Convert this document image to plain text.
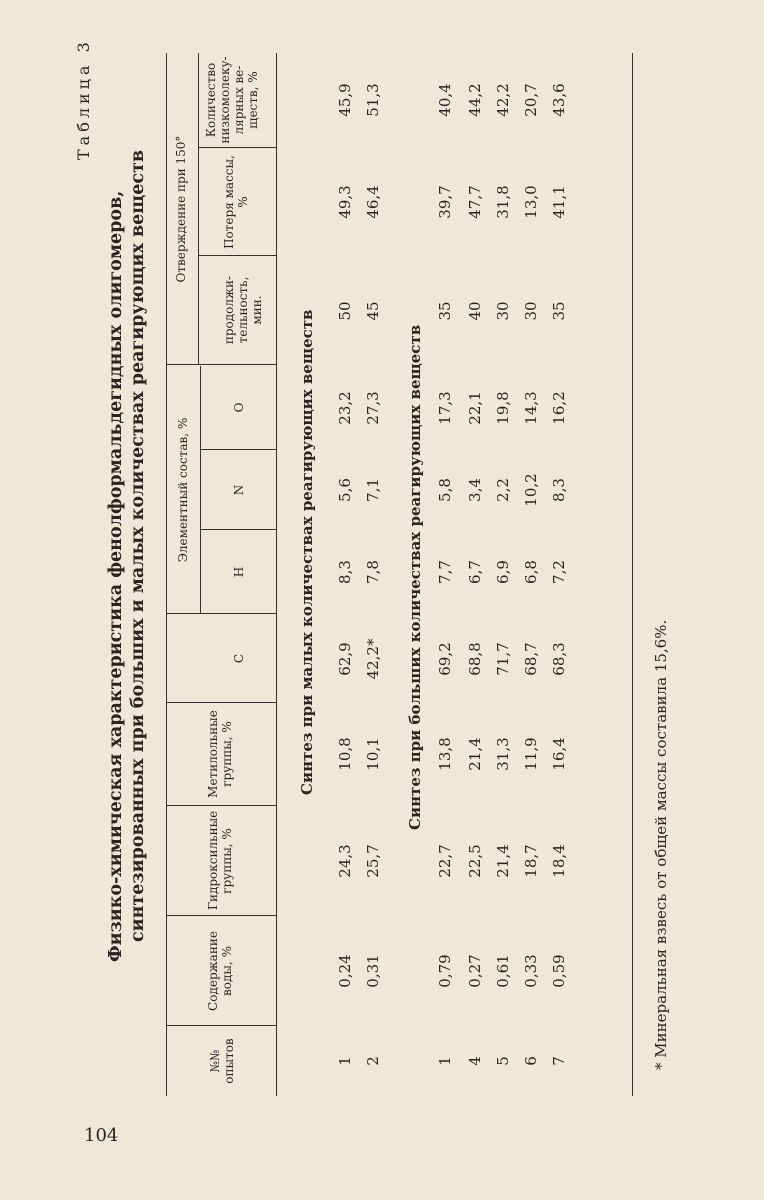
104
Таблица 3
Физико-химическая характеристика фенолформальдегидных олигомеров, синтезированных при больших и малых количествах реагирующих веществ
№№ опытов
Содержание воды, %
Гидроксильные группы, %
Метилольные группы, %
Элементный состав, %
C
H
N
O
Отверждение при 150°
продолжи-тельность, мин.
Потеря массы, %
Количество низкомолеку-лярных ве-ществ, %
Синтез при малых количествах реагирующих веществ	Синтез при больших количествах реагирующих веществ
1
0,24
24,3
10,8
62,9
8,3
5,6
23,2
50
49,3
45,9
2
0,31
25,7
10,1
42,2*
7,8
7,1
27,3
45
46,4
51,3
1
0,79
22,7
13,8
69,2
7,7
5,8
17,3
35
39,7
40,4
4
0,27
22,5
21,4
68,8
6,7
3,4
22,1
40
47,7
44,2
5
0,61
21,4
31,3
71,7
6,9
2,2
19,8
30
31,8
42,2
6
0,33
18,7
11,9
68,7
6,8
10,2
14,3
30
13,0
20,7
7
0,59
18,4
16,4
68,3
7,2
8,3
16,2
35
41,1
43,6
* Минеральная взвесь от общей массы составила 15,6%.
